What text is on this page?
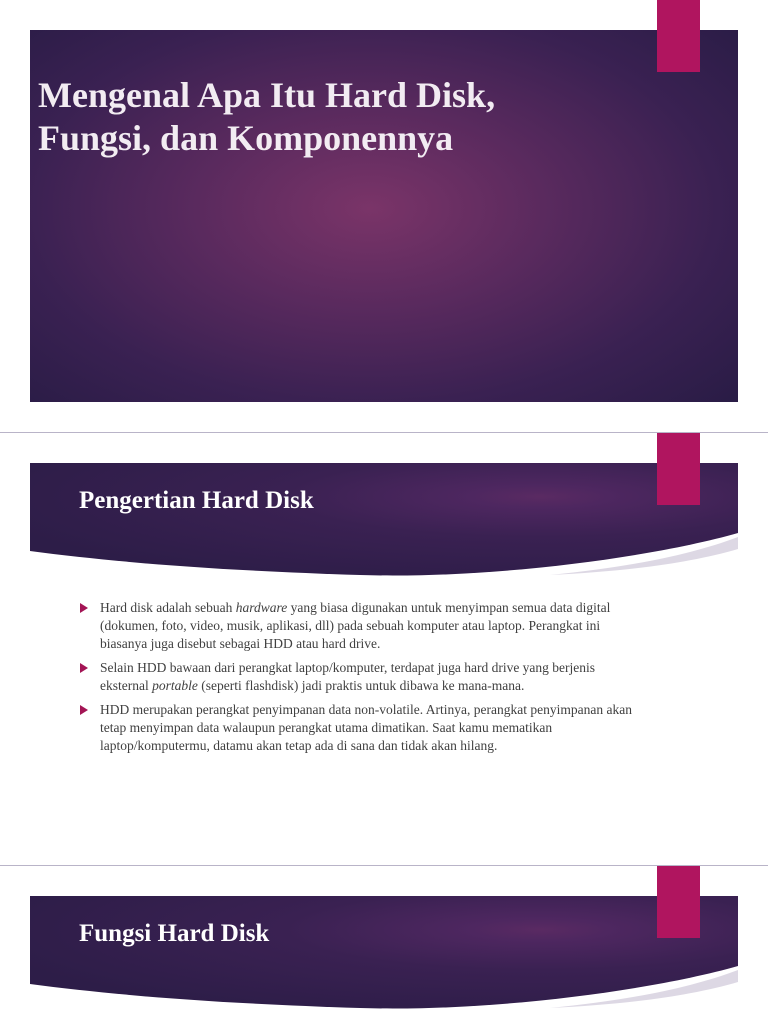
Mengenal Apa Itu Hard Disk,
Fungsi, dan Komponennya
Pengertian Hard Disk
Hard disk adalah sebuah hardware yang biasa digunakan untuk menyimpan semua data digital (dokumen, foto, video, musik, aplikasi, dll) pada sebuah komputer atau laptop. Perangkat ini biasanya juga disebut sebagai HDD atau hard drive.
Selain HDD bawaan dari perangkat laptop/komputer, terdapat juga hard drive yang berjenis eksternal portable (seperti flashdisk) jadi praktis untuk dibawa ke mana-mana.
HDD merupakan perangkat penyimpanan data non-volatile. Artinya, perangkat penyimpanan akan tetap menyimpan data walaupun perangkat utama dimatikan. Saat kamu mematikan laptop/komputermu, datamu akan tetap ada di sana dan tidak akan hilang.
Fungsi Hard Disk
